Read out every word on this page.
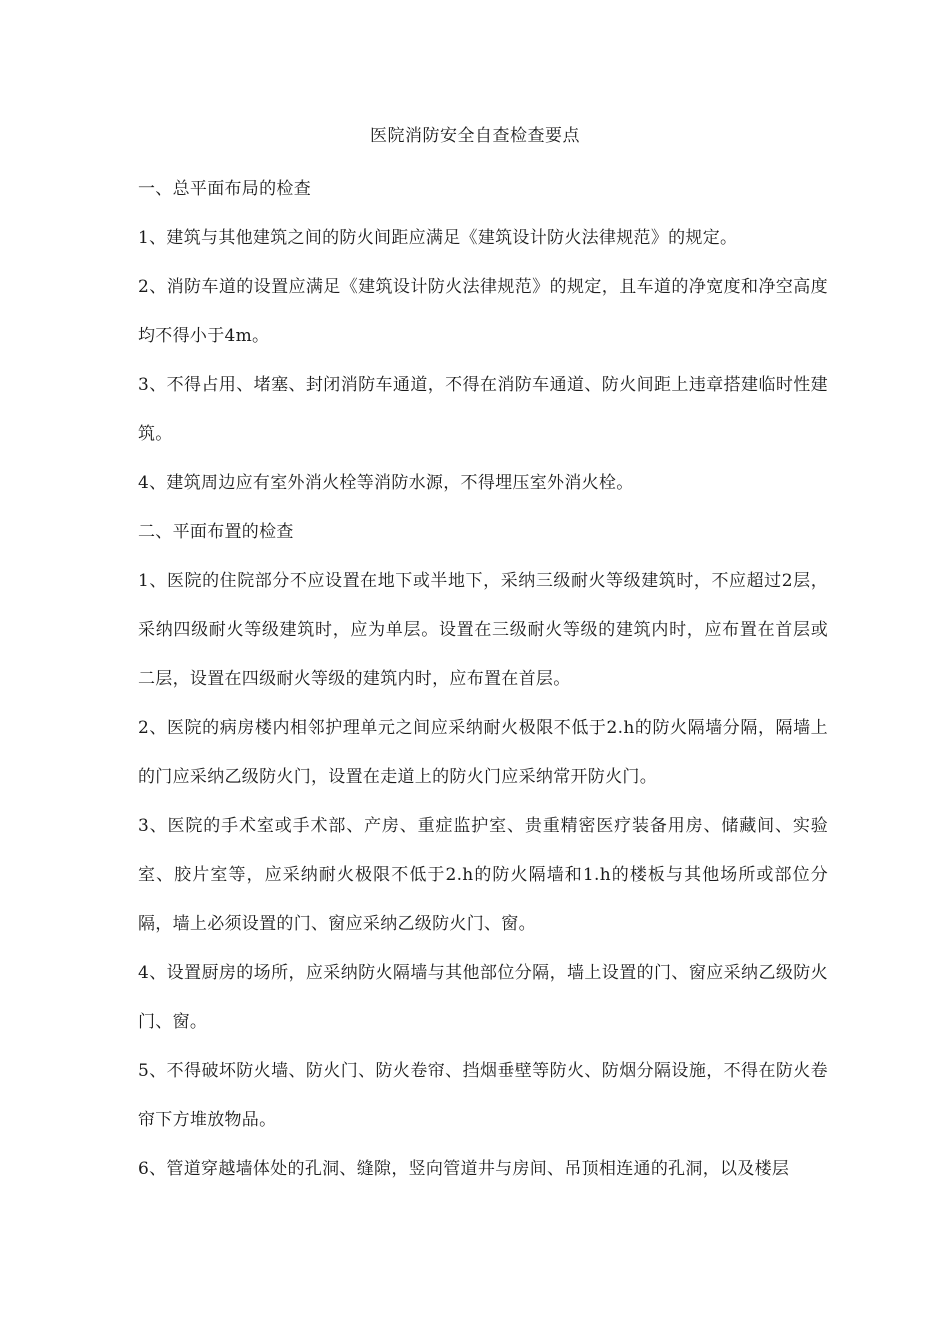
医院消防安全自查检查要点

一、总平面布局的检查

1、建筑与其他建筑之间的防火间距应满足《建筑设计防火法律规范》的规定。

2、消防车道的设置应满足《建筑设计防火法律规范》的规定，且车道的净宽度和净空高度均不得小于4m。

3、不得占用、堵塞、封闭消防车通道，不得在消防车通道、防火间距上违章搭建临时性建筑。

4、建筑周边应有室外消火栓等消防水源，不得埋压室外消火栓。

二、平面布置的检查

1、医院的住院部分不应设置在地下或半地下，采纳三级耐火等级建筑时，不应超过2层，采纳四级耐火等级建筑时，应为单层。设置在三级耐火等级的建筑内时，应布置在首层或二层，设置在四级耐火等级的建筑内时，应布置在首层。

2、医院的病房楼内相邻护理单元之间应采纳耐火极限不低于2.h的防火隔墙分隔，隔墙上的门应采纳乙级防火门，设置在走道上的防火门应采纳常开防火门。

3、医院的手术室或手术部、产房、重症监护室、贵重精密医疗装备用房、储藏间、实验室、胶片室等，应采纳耐火极限不低于2.h的防火隔墙和1.h的楼板与其他场所或部位分隔，墙上必须设置的门、窗应采纳乙级防火门、窗。

4、设置厨房的场所，应采纳防火隔墙与其他部位分隔，墙上设置的门、窗应采纳乙级防火门、窗。

5、不得破坏防火墙、防火门、防火卷帘、挡烟垂壁等防火、防烟分隔设施，不得在防火卷帘下方堆放物品。

6、管道穿越墙体处的孔洞、缝隙，竖向管道井与房间、吊顶相连通的孔洞，以及楼层
